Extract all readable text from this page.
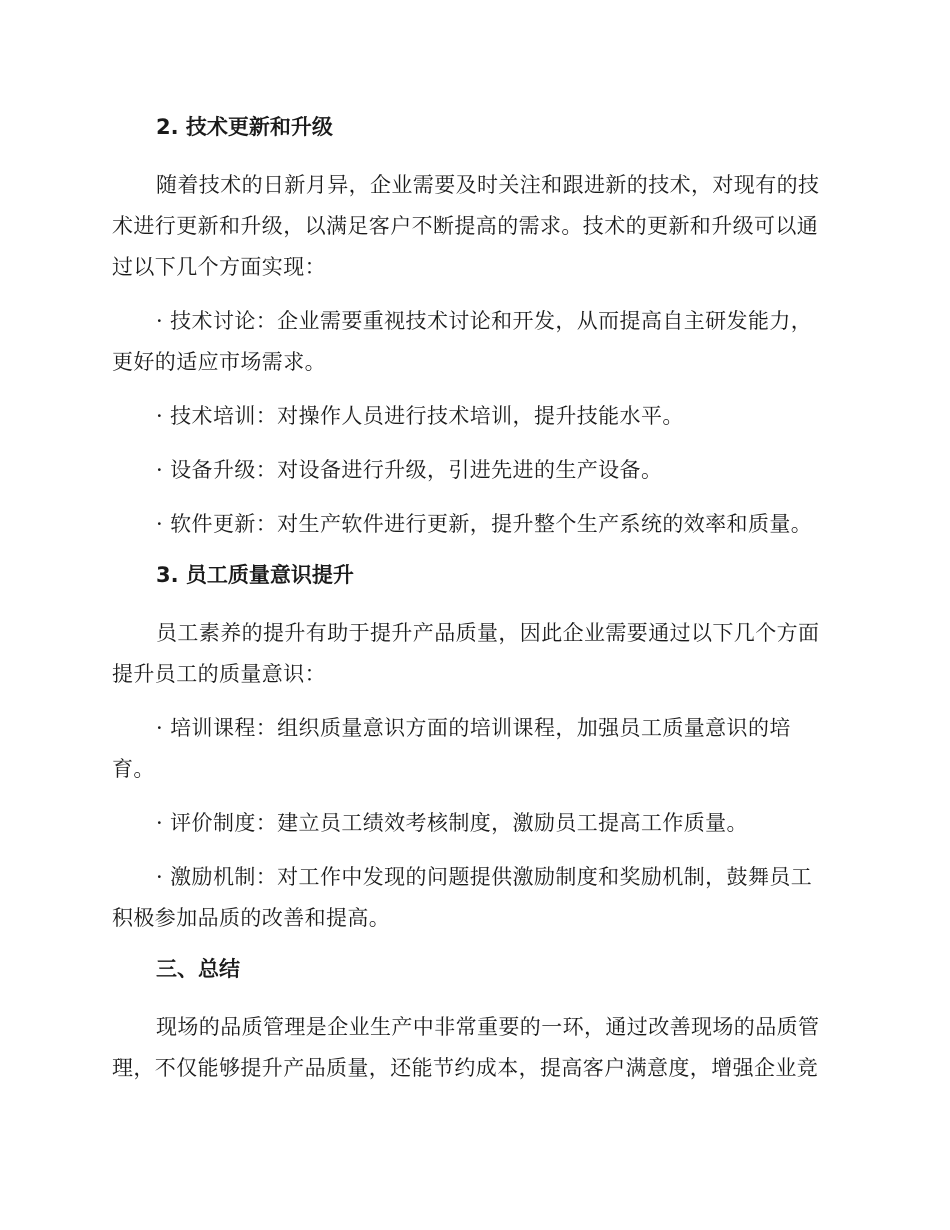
2. 技术更新和升级
随着技术的日新月异，企业需要及时关注和跟进新的技术，对现有的技
术进行更新和升级，以满足客户不断提高的需求。技术的更新和升级可以通
过以下几个方面实现：
· 技术讨论：企业需要重视技术讨论和开发，从而提高自主研发能力，
更好的适应市场需求。
· 技术培训：对操作人员进行技术培训，提升技能水平。
· 设备升级：对设备进行升级，引进先进的生产设备。
· 软件更新：对生产软件进行更新，提升整个生产系统的效率和质量。
3. 员工质量意识提升
员工素养的提升有助于提升产品质量，因此企业需要通过以下几个方面
提升员工的质量意识：
· 培训课程：组织质量意识方面的培训课程，加强员工质量意识的培
育。
· 评价制度：建立员工绩效考核制度，激励员工提高工作质量。
· 激励机制：对工作中发现的问题提供激励制度和奖励机制，鼓舞员工
积极参加品质的改善和提高。
三、总结
现场的品质管理是企业生产中非常重要的一环，通过改善现场的品质管
理，不仅能够提升产品质量，还能节约成本，提高客户满意度，增强企业竞
